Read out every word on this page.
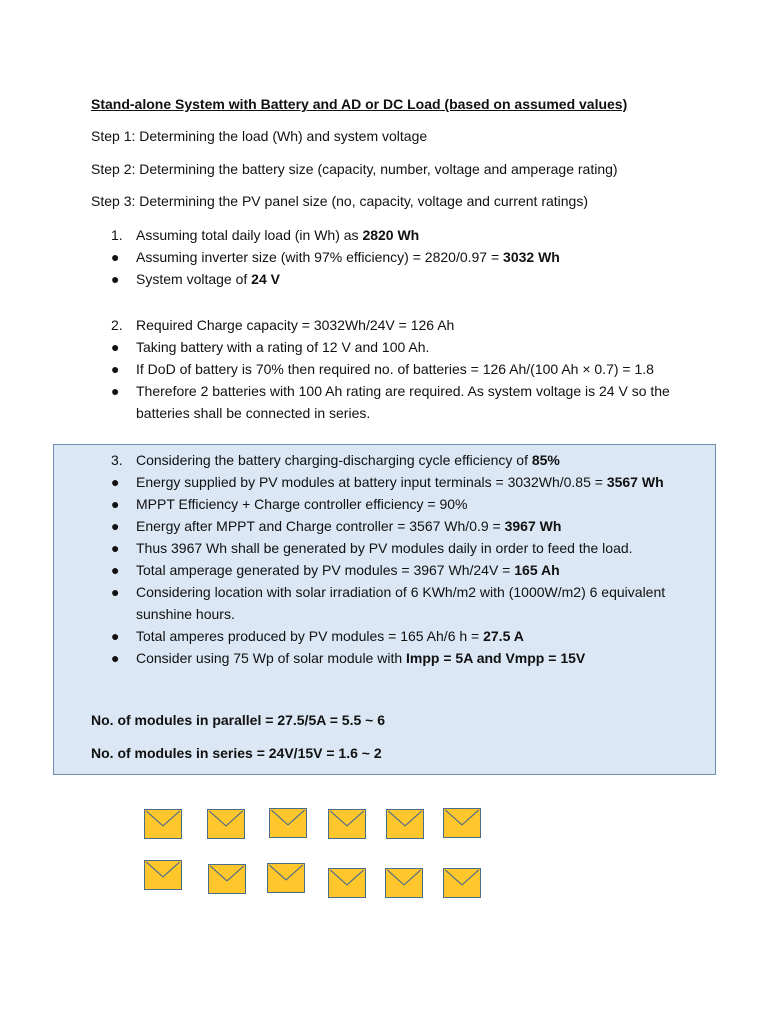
Stand-alone System with Battery and AD or DC Load (based on assumed values)
Step 1: Determining the load (Wh) and system voltage
Step 2: Determining the battery size (capacity, number, voltage and amperage rating)
Step 3: Determining the PV panel size (no, capacity, voltage and current ratings)
1. Assuming total daily load (in Wh) as 2820 Wh
● Assuming inverter size (with 97% efficiency) = 2820/0.97 = 3032 Wh
● System voltage of 24 V
2. Required Charge capacity = 3032Wh/24V = 126 Ah
● Taking battery with a rating of 12 V and 100 Ah.
● If DoD of battery is 70% then required no. of batteries = 126 Ah/(100 Ah × 0.7) = 1.8
● Therefore 2 batteries with 100 Ah rating are required. As system voltage is 24 V so the batteries shall be connected in series.
3. Considering the battery charging-discharging cycle efficiency of 85%
● Energy supplied by PV modules at battery input terminals = 3032Wh/0.85 = 3567 Wh
● MPPT Efficiency + Charge controller efficiency = 90%
● Energy after MPPT and Charge controller = 3567 Wh/0.9 = 3967 Wh
● Thus 3967 Wh shall be generated by PV modules daily in order to feed the load.
● Total amperage generated by PV modules = 3967 Wh/24V = 165 Ah
● Considering location with solar irradiation of 6 KWh/m2 with (1000W/m2) 6 equivalent sunshine hours.
● Total amperes produced by PV modules = 165 Ah/6 h = 27.5 A
● Consider using 75 Wp of solar module with Impp = 5A and Vmpp = 15V
No. of modules in parallel = 27.5/5A = 5.5 ~ 6
No. of modules in series = 24V/15V = 1.6 ~ 2
